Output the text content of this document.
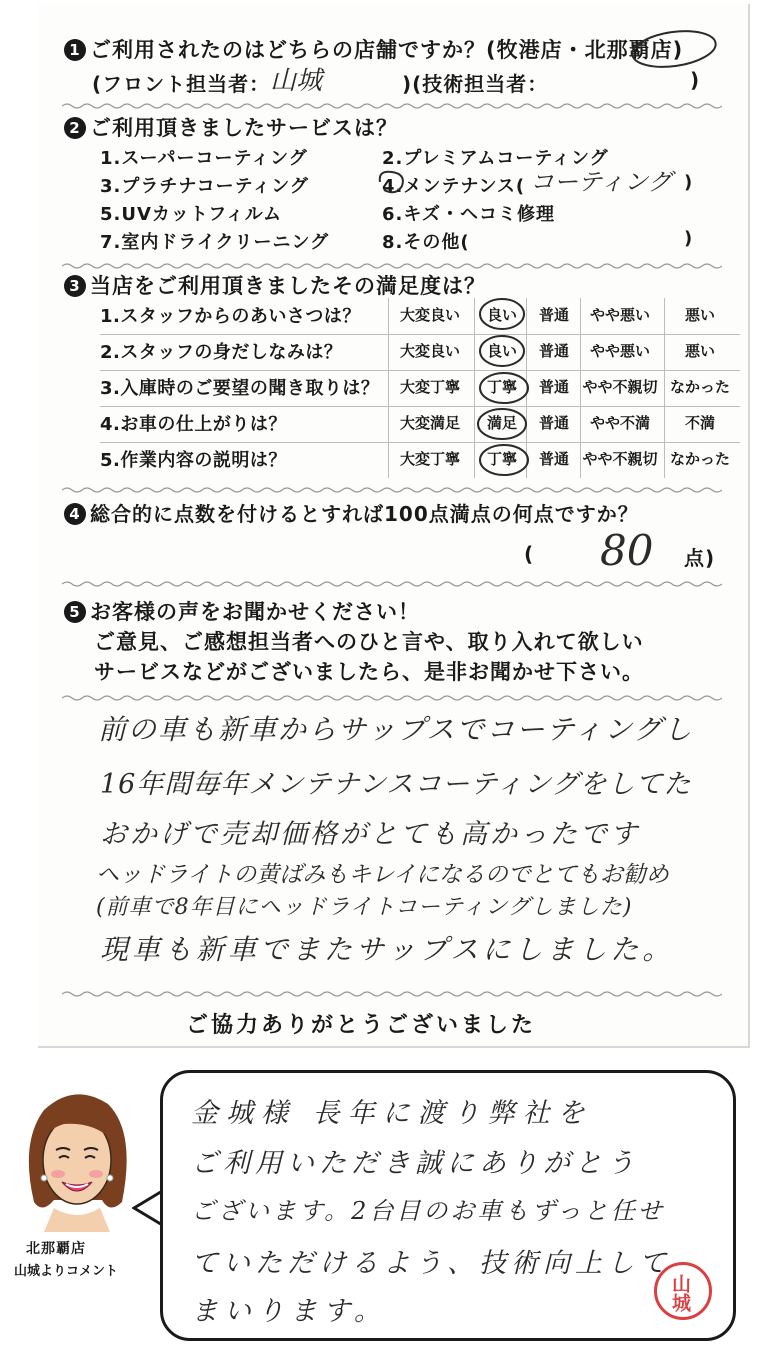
1 ご利用されたのはどちらの店舗ですか？(牧港店・北那覇店)
(フロント担当者： 山城	)(技術担当者：	)
2 ご利用頂きましたサービスは？
1.スーパーコーティング	2.プレミアムコーティング
3.プラチナコーティング	4.メンテナンス( コーティング )
5.UVカットフィルム	6.キズ・ヘコミ修理
7.室内ドライクリーニング	8.その他(	)
3 当店をご利用頂きましたその満足度は？
1.スタッフからのあいさつは？	大変良い	良い	普通	やや悪い	悪い
2.スタッフの身だしなみは？	大変良い	良い	普通	やや悪い	悪い
3.入庫時のご要望の聞き取りは？	大変丁寧	丁寧	普通 やや不親切 なかった
4.お車の仕上がりは？	大変満足	満足	普通	やや不満	不満
5.作業内容の説明は？	大変丁寧	丁寧	普通 やや不親切 なかった
4 総合的に点数を付けるとすれば100点満点の何点ですか？
( 80 点)
5 お客様の声をお聞かせください！
ご意見、ご感想担当者へのひと言や、取り入れて欲しい
サービスなどがございましたら、是非お聞かせ下さい。
前の車も新車からサップスでコーティングし
16年間毎年メンテナンスコーティングをしてた
おかげで売却価格がとても高かったです
ヘッドライトの黄ばみもキレイになるのでとてもお勧め
(前車で8年目にヘッドライトコーティングしました)
現車も新車でまたサップスにしました。
ご協力ありがとうございました
北那覇店
山城よりコメント
金城様 長年に渡り弊社を
ご利用いただき誠にありがとう
ございます。2台目のお車もずっと任せ
ていただけるよう、技術向上して
まいります。	山城
